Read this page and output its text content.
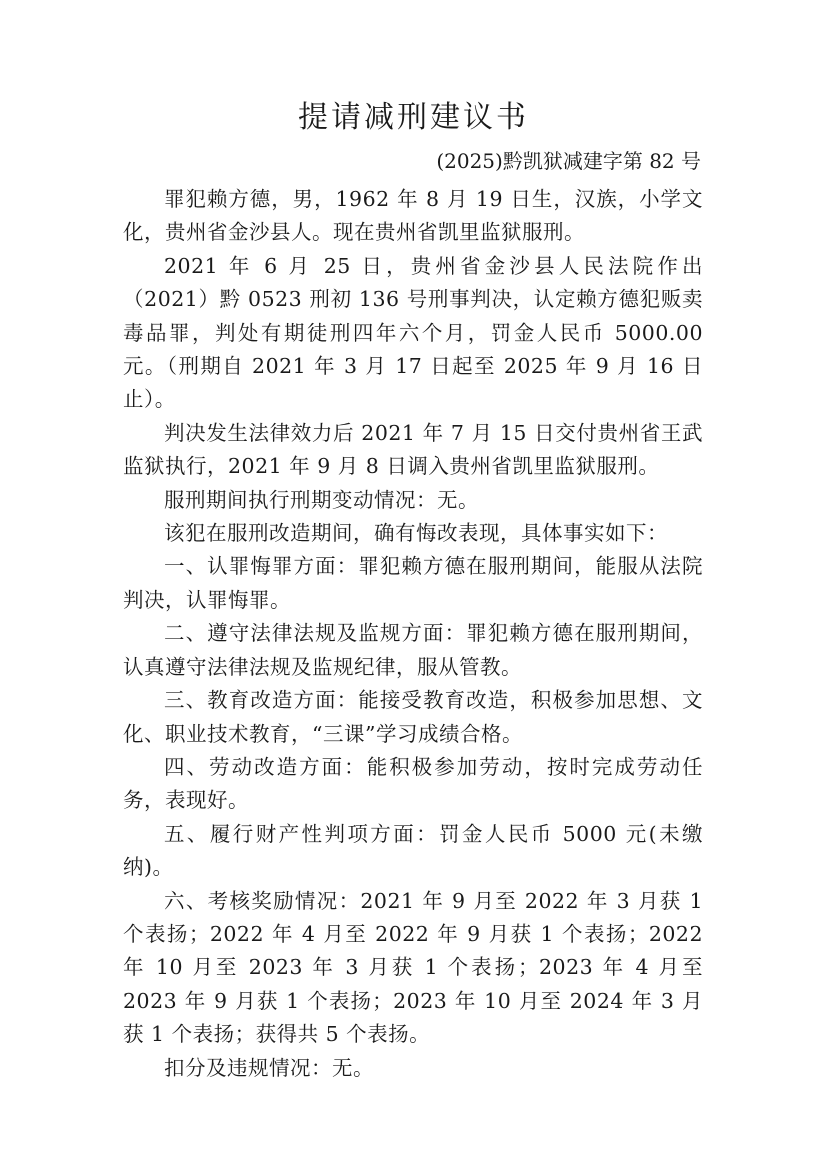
提请减刑建议书
(2025)黔凯狱减建字第 82 号

罪犯赖方德，男，1962 年 8 月 19 日生，汉族，小学文化，贵州省金沙县人。现在贵州省凯里监狱服刑。

2021 年 6 月 25 日，贵州省金沙县人民法院作出（2021）黔 0523 刑初 136 号刑事判决，认定赖方德犯贩卖毒品罪，判处有期徒刑四年六个月，罚金人民币 5000.00 元。（刑期自 2021 年 3 月 17 日起至 2025 年 9 月 16 日止）。

判决发生法律效力后 2021 年 7 月 15 日交付贵州省王武监狱执行，2021 年 9 月 8 日调入贵州省凯里监狱服刑。

服刑期间执行刑期变动情况：无。

该犯在服刑改造期间，确有悔改表现，具体事实如下：

一、认罪悔罪方面：罪犯赖方德在服刑期间，能服从法院判决，认罪悔罪。

二、遵守法律法规及监规方面：罪犯赖方德在服刑期间，认真遵守法律法规及监规纪律，服从管教。

三、教育改造方面：能接受教育改造，积极参加思想、文化、职业技术教育，“三课”学习成绩合格。

四、劳动改造方面：能积极参加劳动，按时完成劳动任务，表现好。

五、履行财产性判项方面：罚金人民币 5000 元(未缴纳)。

六、考核奖励情况：2021 年 9 月至 2022 年 3 月获 1 个表扬；2022 年 4 月至 2022 年 9 月获 1 个表扬；2022 年 10 月至 2023 年 3 月获 1 个表扬；2023 年 4 月至 2023 年 9 月获 1 个表扬；2023 年 10 月至 2024 年 3 月获 1 个表扬；获得共 5 个表扬。

扣分及违规情况：无。
